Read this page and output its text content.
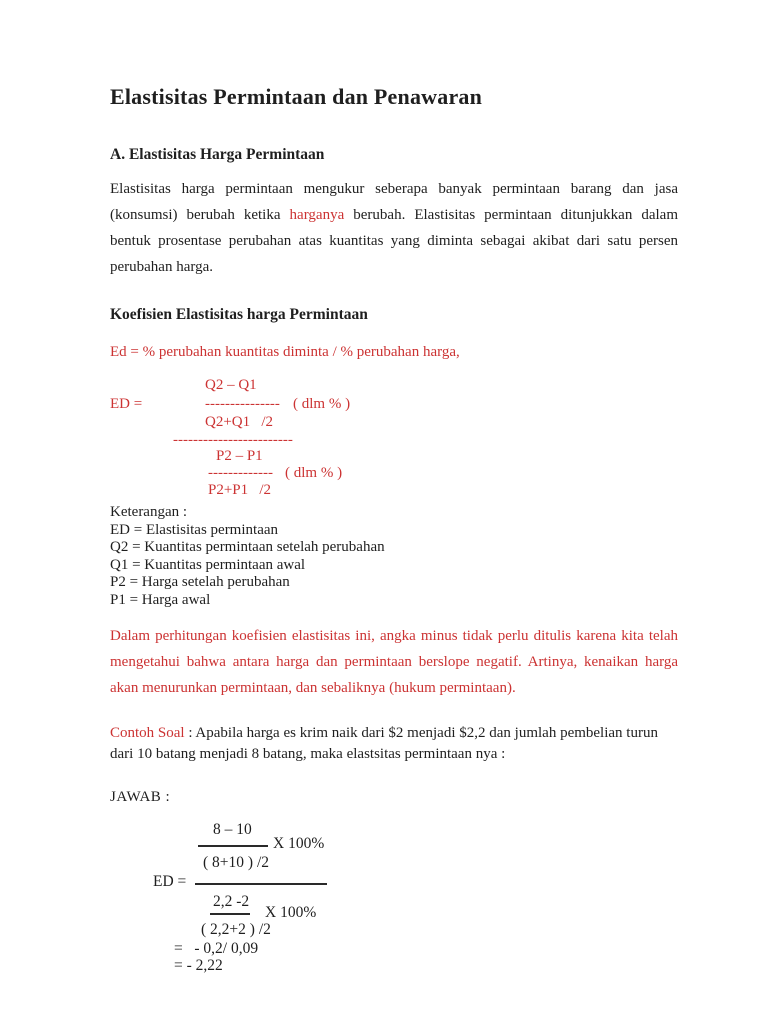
Elastisitas Permintaan dan Penawaran
A. Elastisitas Harga Permintaan
Elastisitas harga permintaan mengukur seberapa banyak permintaan barang dan jasa (konsumsi) berubah ketika harganya berubah. Elastisitas permintaan ditunjukkan dalam bentuk prosentase perubahan atas kuantitas yang diminta sebagai akibat dari satu persen perubahan harga.
Koefisien Elastisitas harga Permintaan
Ed = % perubahan kuantitas diminta / % perubahan harga,
Q2 – Q1
ED =	--------------- ( dlm % )
Q2+Q1   /2
------------------------
P2 – P1
------------- ( dlm % )
P2+P1   /2
Keterangan :
ED = Elastisitas permintaan
Q2 = Kuantitas permintaan setelah perubahan
Q1 = Kuantitas permintaan awal
P2 = Harga setelah perubahan
P1 = Harga awal
Dalam perhitungan koefisien elastisitas ini, angka minus tidak perlu ditulis karena kita telah mengetahui bahwa antara harga dan permintaan berslope negatif. Artinya, kenaikan harga akan menurunkan permintaan, dan sebaliknya (hukum permintaan).
Contoh Soal : Apabila harga es krim naik dari $2 menjadi $2,2 dan jumlah pembelian turun dari 10 batang menjadi 8 batang, maka elastsitas permintaan nya :
JAWAB :
8 – 10
X 100%
( 8+10 ) /2
ED =
2,2 -2
X 100%
( 2,2+2 ) /2
=   - 0,2/ 0,09
= - 2,22
